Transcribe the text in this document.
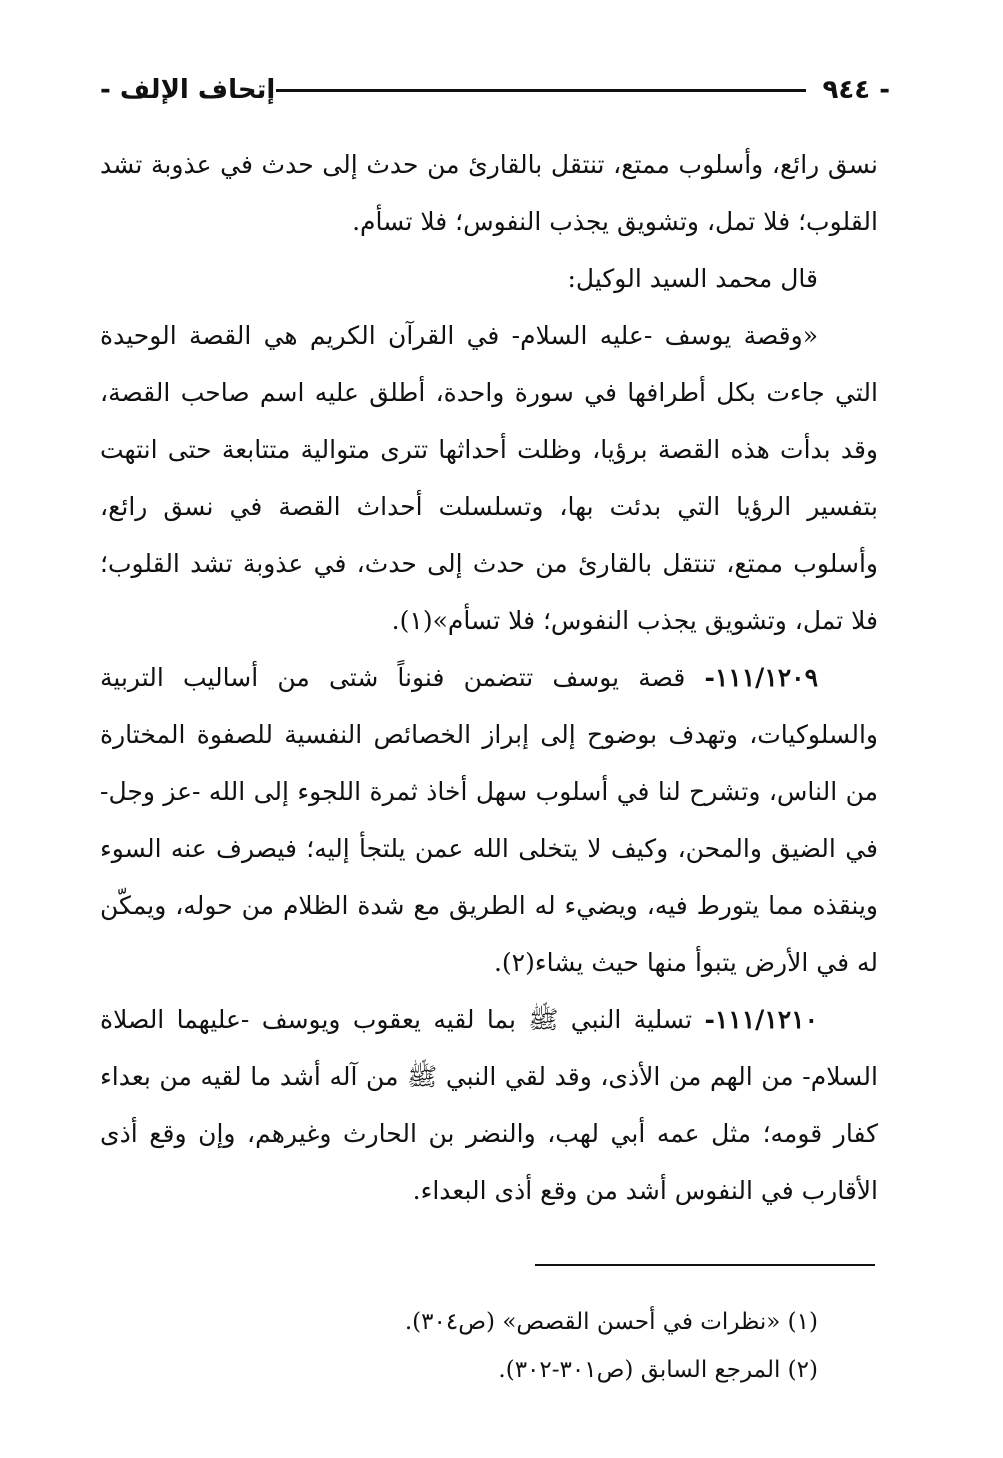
- ٩٤٤
إتحاف الإلف -

نسق رائع، وأسلوب ممتع، تنتقل بالقارئ من حدث إلى حدث في عذوبة تشد القلوب؛ فلا تمل، وتشويق يجذب النفوس؛ فلا تسأم.

قال محمد السيد الوكيل:

«وقصة يوسف -عليه السلام- في القرآن الكريم هي القصة الوحيدة التي جاءت بكل أطرافها في سورة واحدة، أطلق عليه اسم صاحب القصة، وقد بدأت هذه القصة برؤيا، وظلت أحداثها تترى متوالية متتابعة حتى انتهت بتفسير الرؤيا التي بدئت بها، وتسلسلت أحداث القصة في نسق رائع، وأسلوب ممتع، تنتقل بالقارئ من حدث إلى حدث، في عذوبة تشد القلوب؛ فلا تمل، وتشويق يجذب النفوس؛ فلا تسأم»(١).

١١١/١٢٠٩- قصة يوسف تتضمن فنوناً شتى من أساليب التربية والسلوكيات، وتهدف بوضوح إلى إبراز الخصائص النفسية للصفوة المختارة من الناس، وتشرح لنا في أسلوب سهل أخاذ ثمرة اللجوء إلى الله -عز وجل- في الضيق والمحن، وكيف لا يتخلى الله عمن يلتجأ إليه؛ فيصرف عنه السوء وينقذه مما يتورط فيه، ويضيء له الطريق مع شدة الظلام من حوله، ويمكّن له في الأرض يتبوأ منها حيث يشاء(٢).

١١١/١٢١٠- تسلية النبي ﷺ بما لقيه يعقوب ويوسف -عليهما الصلاة السلام- من الهم من الأذى، وقد لقي النبي ﷺ من آله أشد ما لقيه من بعداء كفار قومه؛ مثل عمه أبي لهب، والنضر بن الحارث وغيرهم، وإن وقع أذى الأقارب في النفوس أشد من وقع أذى البعداء.

(١) «نظرات في أحسن القصص» (ص٣٠٤).

(٢) المرجع السابق (ص٣٠١-٣٠٢).
